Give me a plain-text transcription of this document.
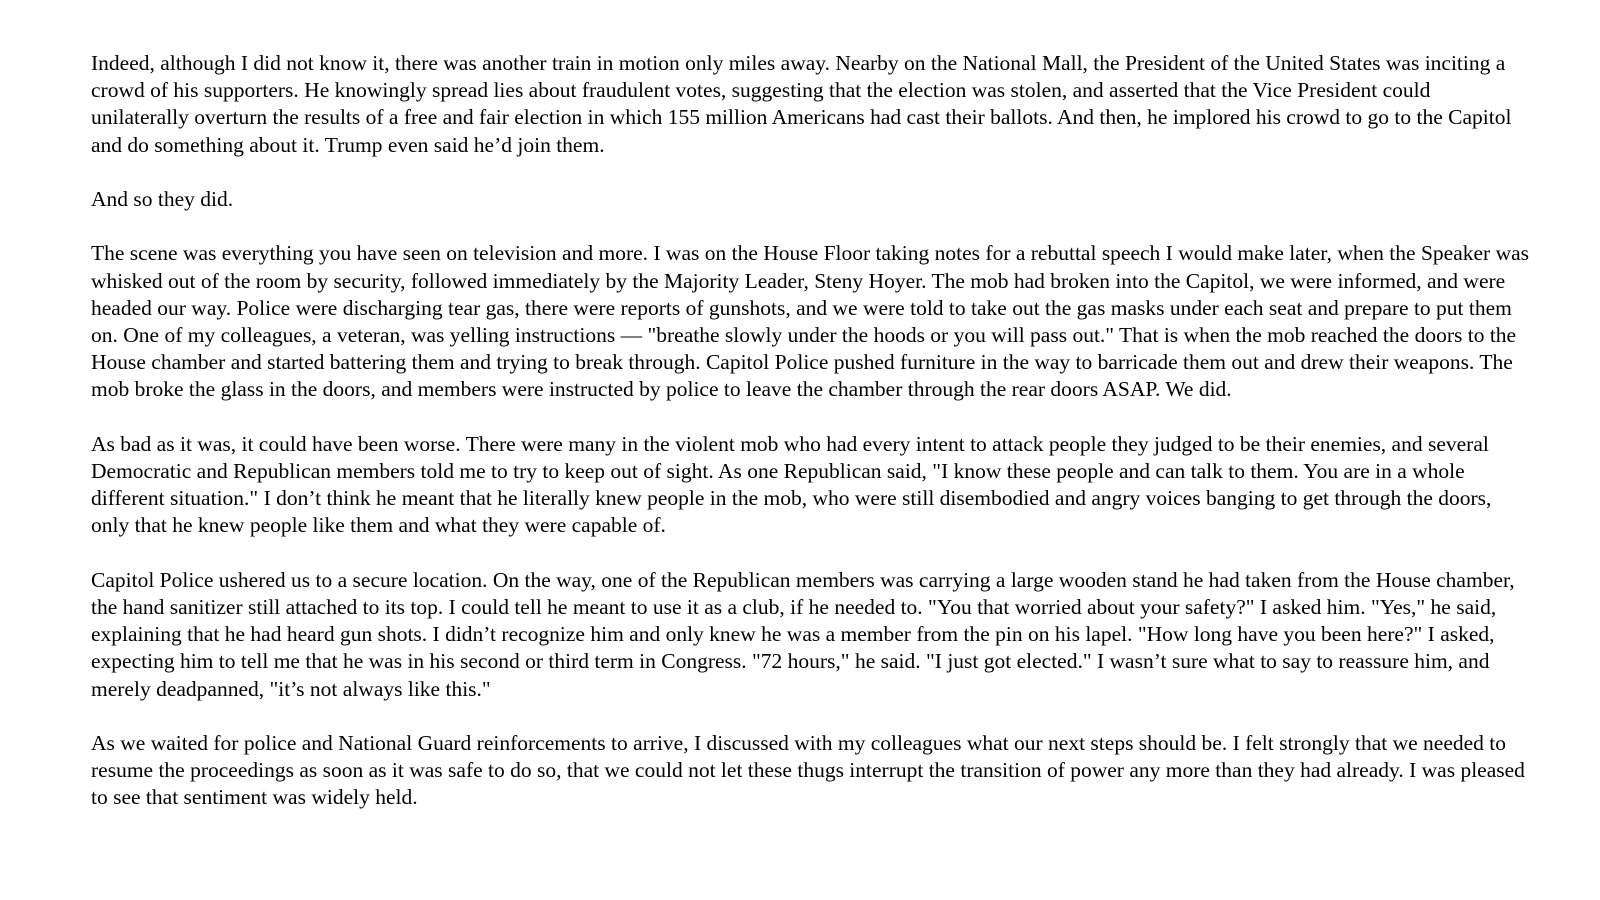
Indeed, although I did not know it, there was another train in motion only miles away. Nearby on the National Mall, the President of the United States was inciting a crowd of his supporters. He knowingly spread lies about fraudulent votes, suggesting that the election was stolen, and asserted that the Vice President could unilaterally overturn the results of a free and fair election in which 155 million Americans had cast their ballots. And then, he implored his crowd to go to the Capitol and do something about it. Trump even said he’d join them.

And so they did.

The scene was everything you have seen on television and more. I was on the House Floor taking notes for a rebuttal speech I would make later, when the Speaker was whisked out of the room by security, followed immediately by the Majority Leader, Steny Hoyer. The mob had broken into the Capitol, we were informed, and were headed our way. Police were discharging tear gas, there were reports of gunshots, and we were told to take out the gas masks under each seat and prepare to put them on. One of my colleagues, a veteran, was yelling instructions — "breathe slowly under the hoods or you will pass out." That is when the mob reached the doors to the House chamber and started battering them and trying to break through. Capitol Police pushed furniture in the way to barricade them out and drew their weapons. The mob broke the glass in the doors, and members were instructed by police to leave the chamber through the rear doors ASAP. We did.

As bad as it was, it could have been worse. There were many in the violent mob who had every intent to attack people they judged to be their enemies, and several Democratic and Republican members told me to try to keep out of sight. As one Republican said, "I know these people and can talk to them. You are in a whole different situation." I don’t think he meant that he literally knew people in the mob, who were still disembodied and angry voices banging to get through the doors, only that he knew people like them and what they were capable of.

Capitol Police ushered us to a secure location. On the way, one of the Republican members was carrying a large wooden stand he had taken from the House chamber, the hand sanitizer still attached to its top. I could tell he meant to use it as a club, if he needed to. "You that worried about your safety?" I asked him. "Yes," he said, explaining that he had heard gun shots. I didn’t recognize him and only knew he was a member from the pin on his lapel. "How long have you been here?" I asked, expecting him to tell me that he was in his second or third term in Congress. "72 hours," he said. "I just got elected." I wasn’t sure what to say to reassure him, and merely deadpanned, "it’s not always like this."

As we waited for police and National Guard reinforcements to arrive, I discussed with my colleagues what our next steps should be. I felt strongly that we needed to resume the proceedings as soon as it was safe to do so, that we could not let these thugs interrupt the transition of power any more than they had already. I was pleased to see that sentiment was widely held.
